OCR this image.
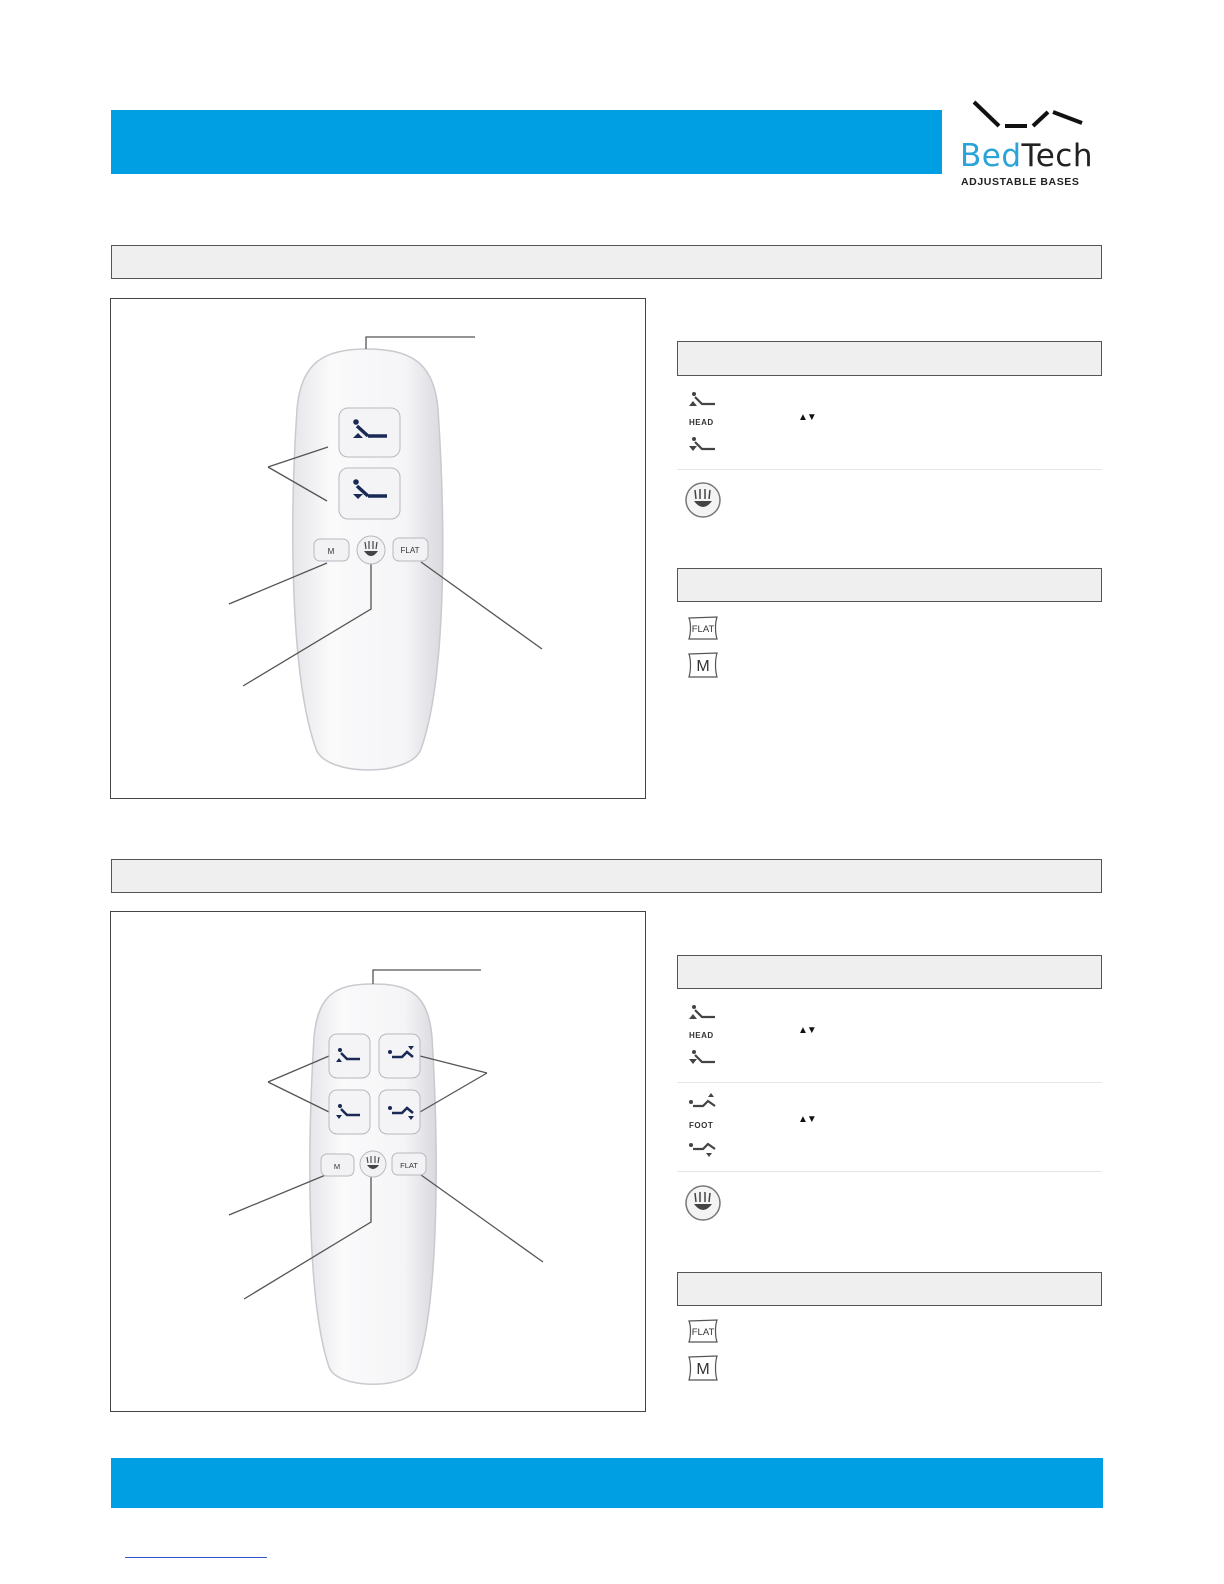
BedTech
ADJUSTABLE BASES
M	FLAT
HEAD	▲▼
FLAT
M
M	FLAT
HEAD	▲▼
FOOT
▲▼
FLAT
M
